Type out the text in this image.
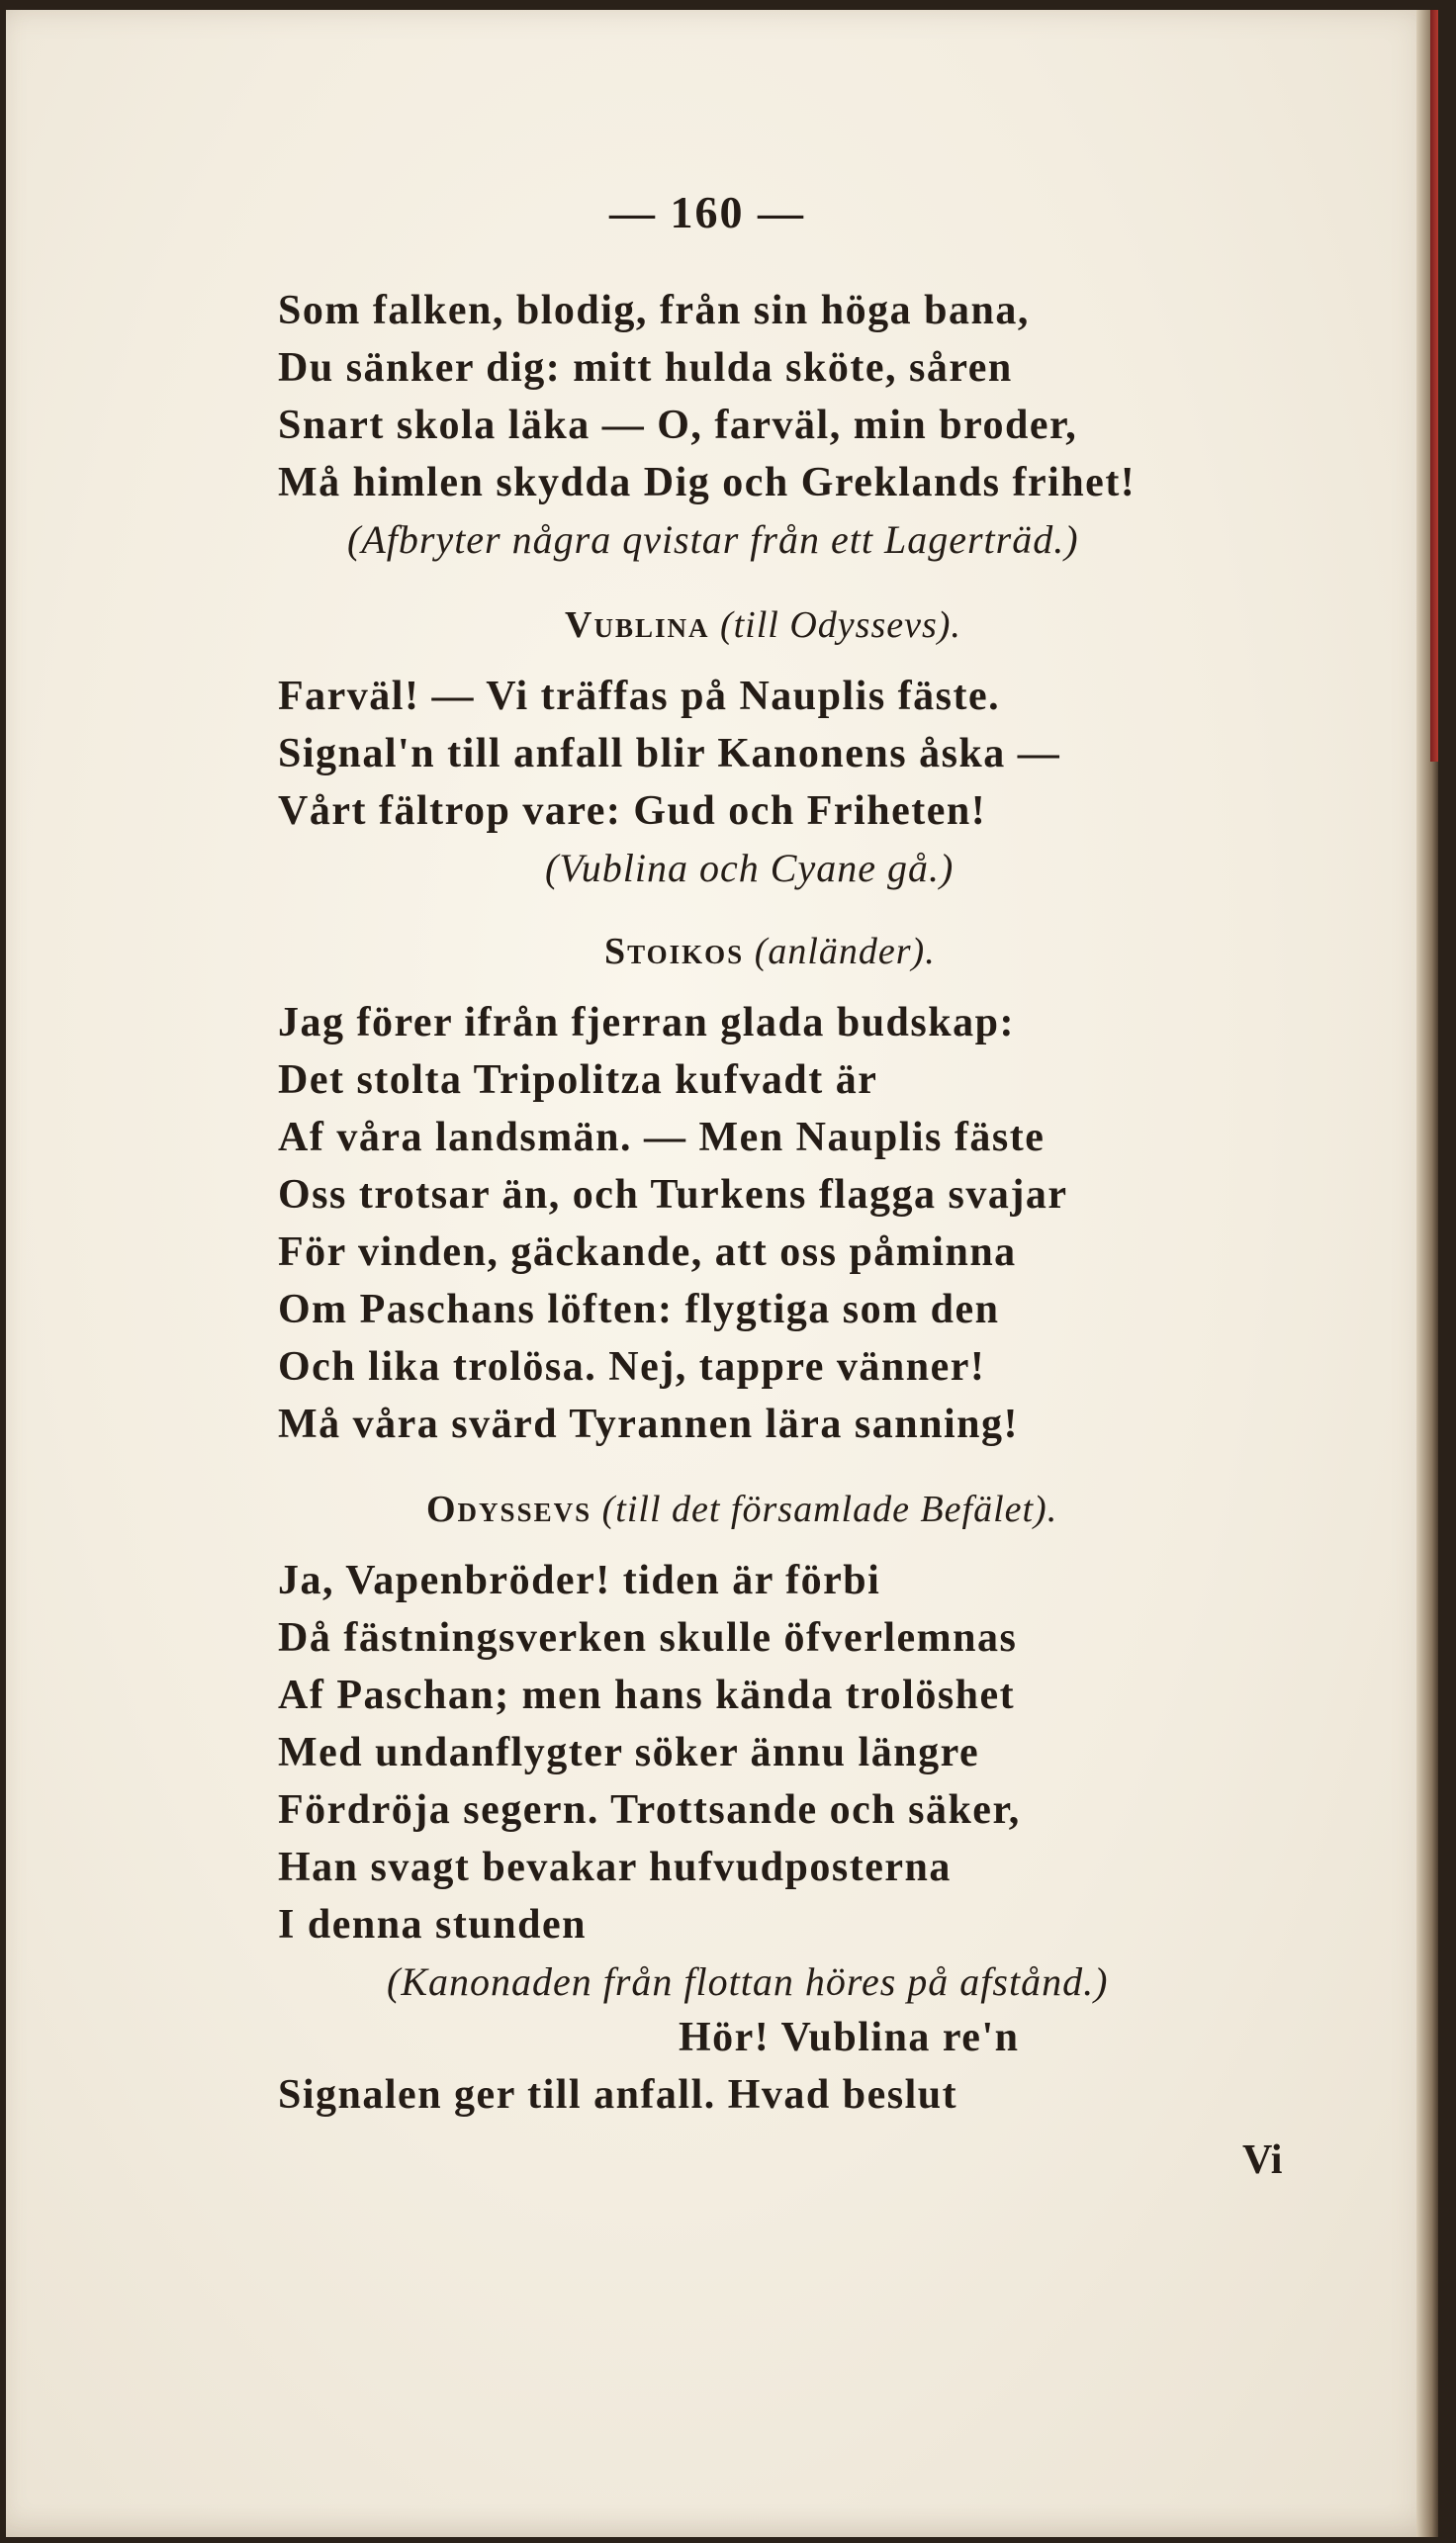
— 160 —
Som falken, blodig, från sin höga bana,
Du sänker dig: mitt hulda sköte, såren
Snart skola läka — O, farväl, min broder,
Må himlen skydda Dig och Greklands frihet!
(Afbryter några qvistar från ett Lagerträd.)
Vublina (till Odyssevs).
Farväl! — Vi träffas på Nauplis fäste.
Signal'n till anfall blir Kanonens åska —
Vårt fältrop vare: Gud och Friheten!
(Vublina och Cyane gå.)
Stoikos (anländer).
Jag förer ifrån fjerran glada budskap:
Det stolta Tripolitza kufvadt är
Af våra landsmän. — Men Nauplis fäste
Oss trotsar än, och Turkens flagga svajar
För vinden, gäckande, att oss påminna
Om Paschans löften: flygtiga som den
Och lika trolösa. Nej, tappre vänner!
Må våra svärd Tyrannen lära sanning!
Odyssevs (till det församlade Befälet).
Ja, Vapenbröder! tiden är förbi
Då fästningsverken skulle öfverlemnas
Af Paschan; men hans kända trolöshet
Med undanflygter söker ännu längre
Fördröja segern. Trottsande och säker,
Han svagt bevakar hufvudposterna
I denna stunden
(Kanonaden från flottan höres på afstånd.)
Hör! Vublina re'n
Signalen ger till anfall. Hvad beslut
Vi
